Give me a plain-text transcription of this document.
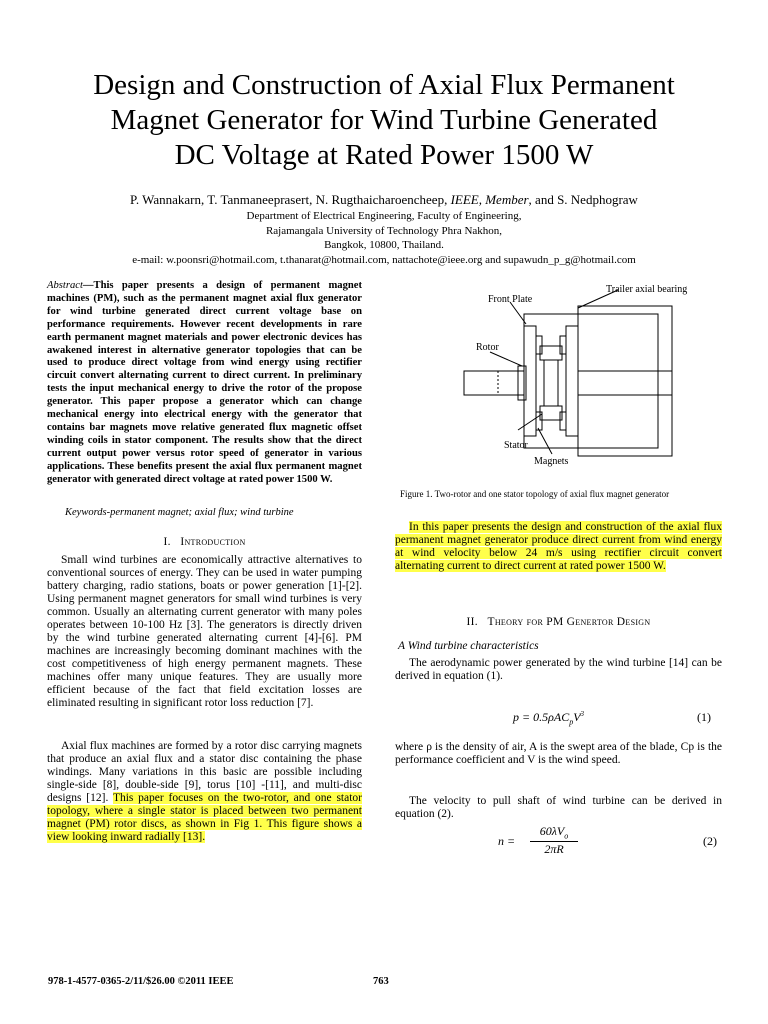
Design and Construction of Axial Flux Permanent
Magnet Generator for Wind Turbine Generated
DC Voltage at Rated Power 1500 W
P. Wannakarn, T. Tanmaneeprasert, N. Rugthaicharoencheep, IEEE, Member, and S. Nedphograw
Department of Electrical Engineering, Faculty of Engineering,
Rajamangala University of Technology Phra Nakhon,
Bangkok, 10800, Thailand.
e-mail: w.poonsri@hotmail.com, t.thanarat@hotmail.com, nattachote@ieee.org and supawudn_p_g@hotmail.com
Abstract—This paper presents a design of permanent magnet machines (PM), such as the permanent magnet axial flux generator for wind turbine generated direct current voltage base on performance requirements. However recent developments in rare earth permanent magnet materials and power electronic devices has awakened interest in alternative generator topologies that can be used to produce direct voltage from wind energy using rectifier circuit convert alternating current to direct current. In preliminary tests the input mechanical energy to drive the rotor of the propose generator. This paper propose a generator which can change mechanical energy into electrical energy with the generator that contains bar magnets move relative generated flux magnetic offset winding coils in stator component. The results show that the direct current output power versus rotor speed of generator in various applications. These benefits present the axial flux permanent magnet generator with generated direct voltage at rated power 1500 W.
Keywords-permanent magnet; axial flux; wind turbine
I. Introduction

Small wind turbines are economically attractive alternatives to conventional sources of energy. They can be used in water pumping battery charging, radio stations, boats or power generation [1]-[2]. Using permanent magnet generators for small wind turbines is very common. Usually an alternating current generator with many poles operates between 10-100 Hz [3]. The generators is directly driven by the wind turbine generated alternating current [4]-[6]. PM machines are increasingly becoming dominant machines with the cost competitiveness of high energy permanent magnets. These machines offer many unique features. They are usually more efficient because of the fact that field excitation losses are eliminated resulting in significant rotor loss reduction [7].

Axial flux machines are formed by a rotor disc carrying magnets that produce an axial flux and a stator disc containing the phase windings. Many variations in this basic are possible including single-side [8], double-side [9], torus [10] -[11], and multi-disc designs [12]. This paper focuses on the two-rotor, and one stator topology, where a single stator is placed between two permanent magnet (PM) rotor discs, as shown in Fig 1. This figure shows a view looking inward radially [13].

Front Plate
Trailer axial bearing
Rotor
Stator
Magnets
Figure 1. Two-rotor and one stator topology of axial flux magnet generator

In this paper presents the design and construction of the axial flux permanent magnet generator produce direct current from wind energy at wind velocity below 24 m/s using rectifier circuit convert alternating current to direct current at rated power 1500 W.

II. Theory for PM Genertor Design
A Wind turbine characteristics

The aerodynamic power generated by the wind turbine [14] can be derived in equation (1).

$p = 0.5\rho AC_pV^3$	(1)

where ρ is the density of air, A is the swept area of the blade, Cp is the performance coefficient and V is the wind speed.

The velocity to pull shaft of wind turbine can be derived in equation (2).

n =
$60\lambda V_o$
2πR
(2)
978-1-4577-0365-2/11/$26.00 ©2011 IEEE	763
